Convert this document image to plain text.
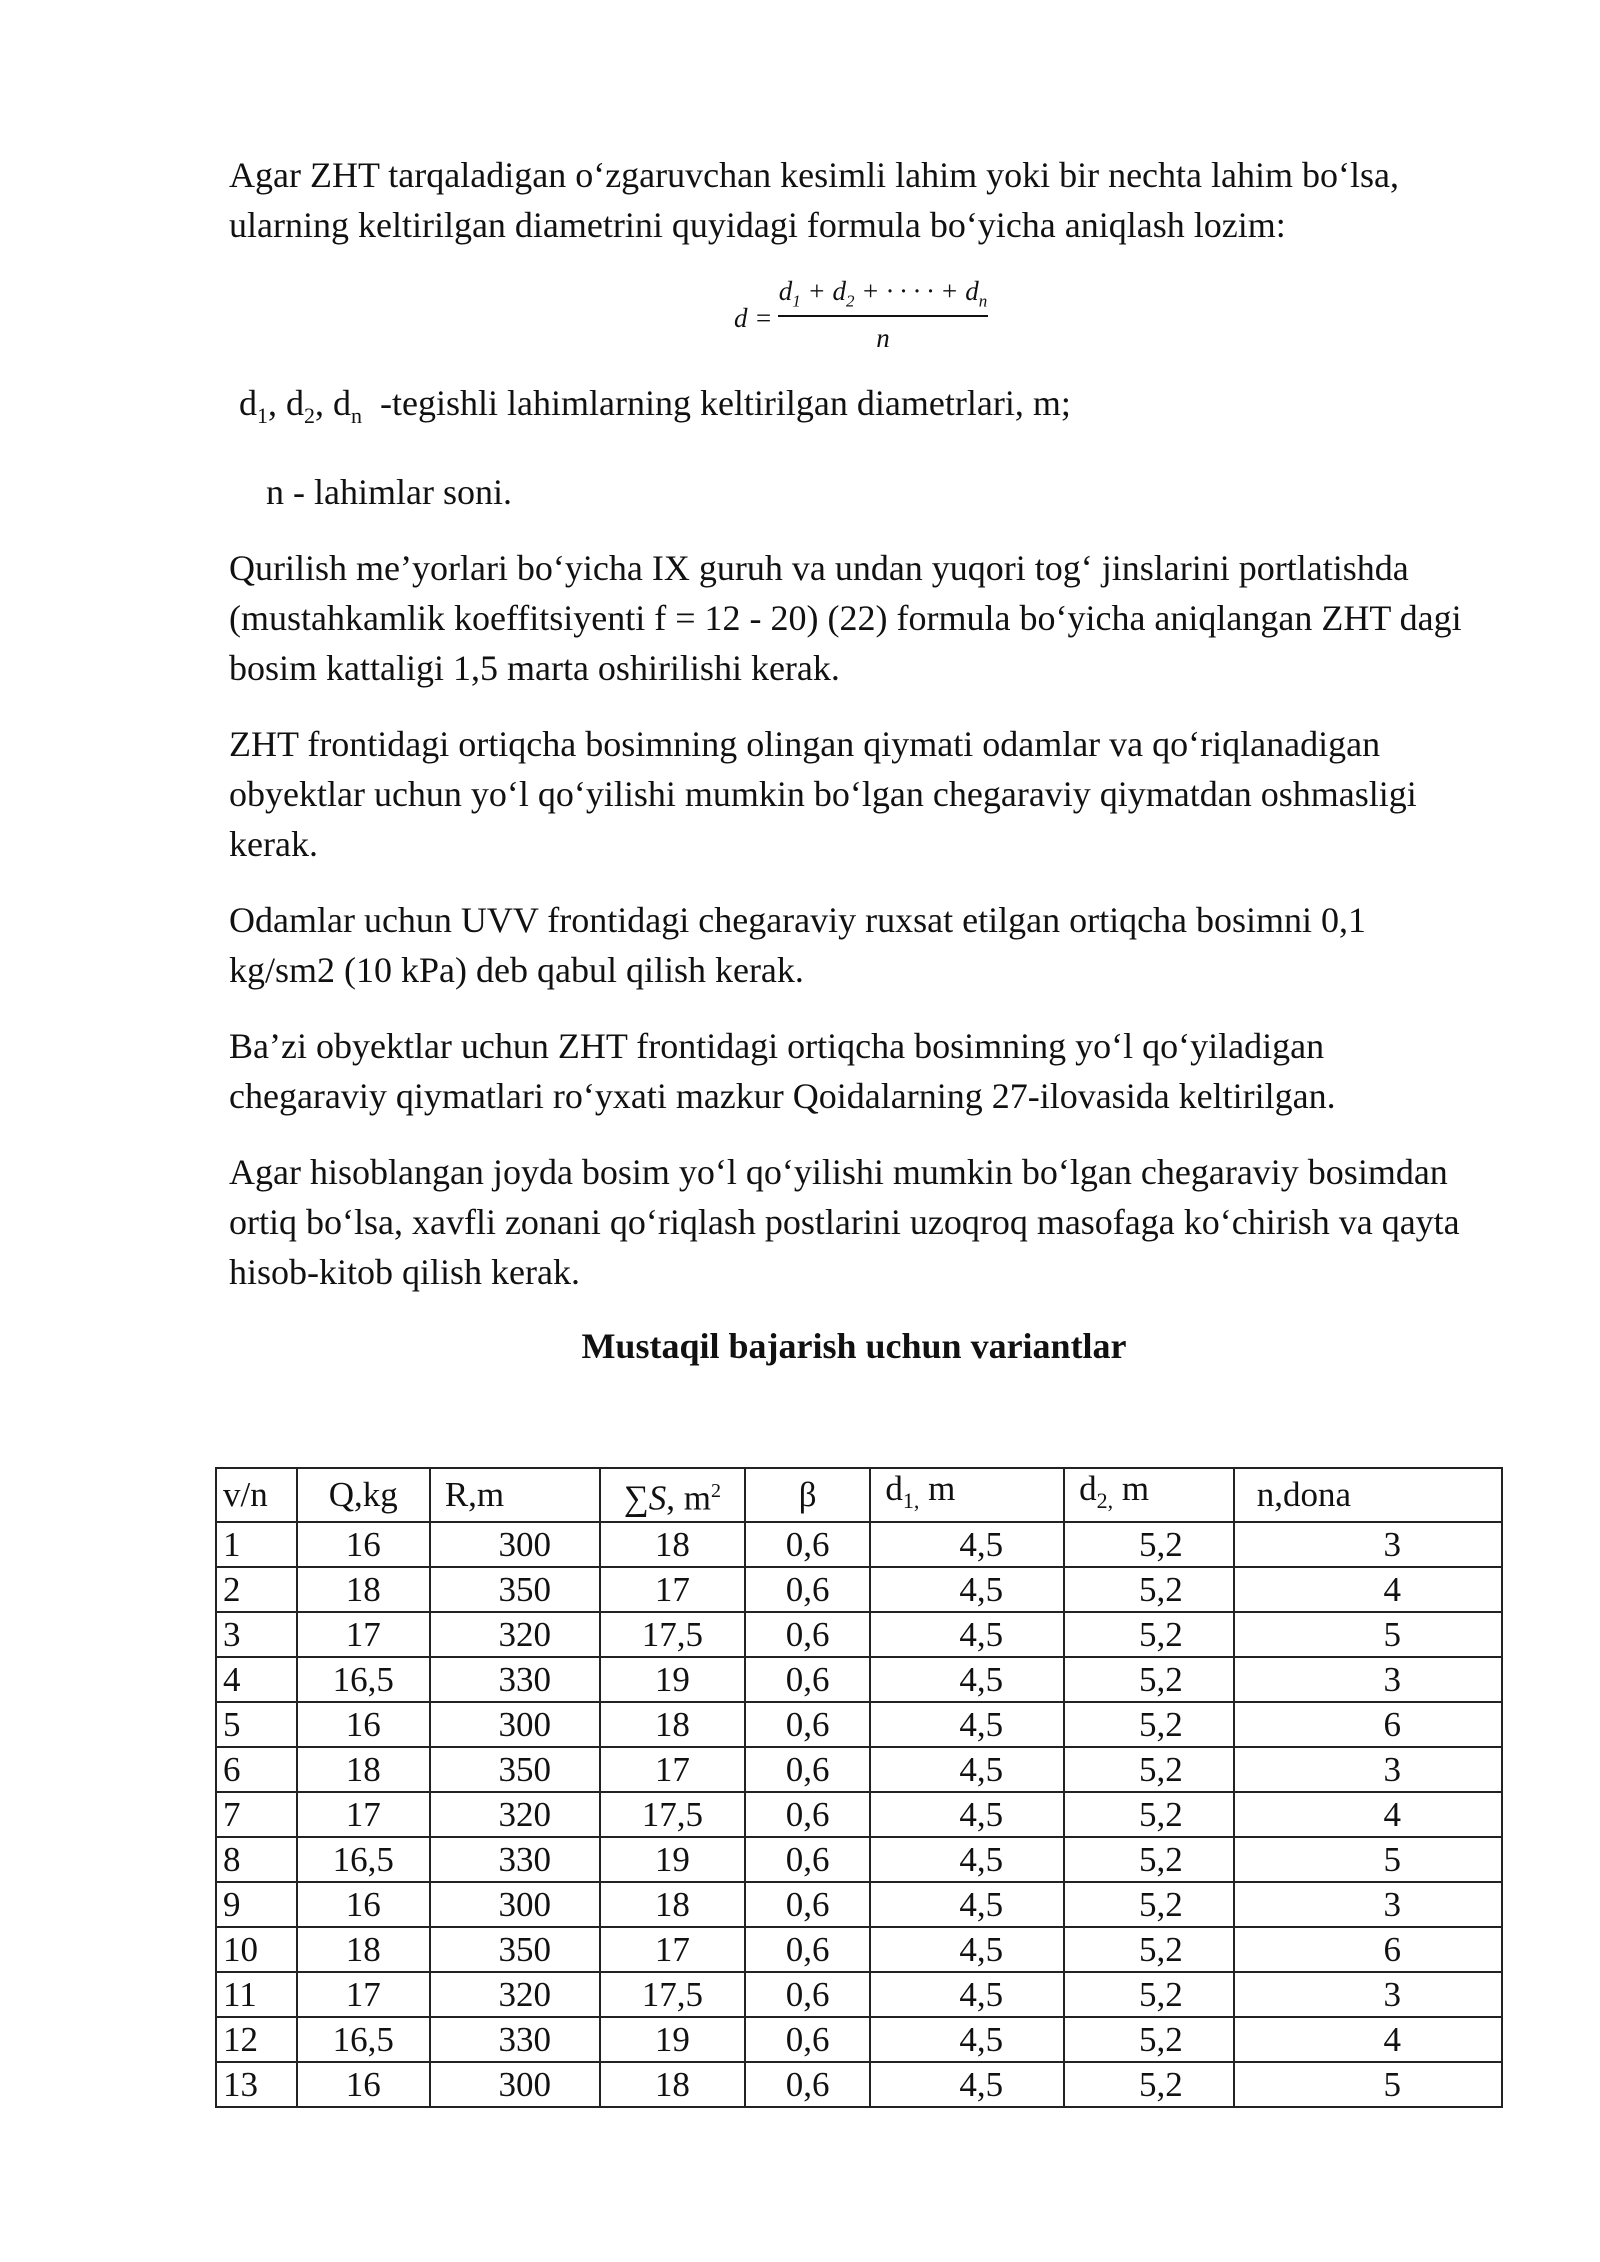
Agar ZHT tarqaladigan o‘zgaruvchan kesimli lahim yoki bir nechta lahim bo‘lsa, ularning keltirilgan diametrini quyidagi formula bo‘yicha aniqlash lozim:

$d = \frac{d_1 + d_2 + \cdot \cdot \cdot \cdot + d_n}{n}$

$d_1$, $d_2$, $d_n$ -tegishli lahimlarning keltirilgan diametrlari, m;

n - lahimlar soni.

Qurilish me’yorlari bo‘yicha IX guruh va undan yuqori tog‘ jinslarini portlatishda (mustahkamlik koeffitsiyenti f = 12 - 20) (22) formula bo‘yicha aniqlangan ZHT dagi bosim kattaligi 1,5 marta oshirilishi kerak.

ZHT frontidagi ortiqcha bosimning olingan qiymati odamlar va qo‘riqlanadigan obyektlar uchun yo‘l qo‘yilishi mumkin bo‘lgan chegaraviy qiymatdan oshmasligi kerak.

Odamlar uchun UVV frontidagi chegaraviy ruxsat etilgan ortiqcha bosimni 0,1 kg/sm2 (10 kPa) deb qabul qilish kerak.

Ba’zi obyektlar uchun ZHT frontidagi ortiqcha bosimning yo‘l qo‘yiladigan chegaraviy qiymatlari ro‘yxati mazkur Qoidalarning 27-ilovasida keltirilgan.

Agar hisoblangan joyda bosim yo‘l qo‘yilishi mumkin bo‘lgan chegaraviy bosimdan ortiq bo‘lsa, xavfli zonani qo‘riqlash postlarini uzoqroq masofaga ko‘chirish va qayta hisob-kitob qilish kerak.

Mustaqil bajarish uchun variantlar
v/n	Q,kg	R,m	∑S, $m^2$	β	$d_{1,}$ m	$d_{2,}$ m	n,dona
1	16	300	18	0,6	4,5	5,2	3
2	18	350	17	0,6	4,5	5,2	4
3	17	320	17,5	0,6	4,5	5,2	5
4	16,5	330	19	0,6	4,5	5,2	3
5	16	300	18	0,6	4,5	5,2	6
6	18	350	17	0,6	4,5	5,2	3
7	17	320	17,5	0,6	4,5	5,2	4
8	16,5	330	19	0,6	4,5	5,2	5
9	16	300	18	0,6	4,5	5,2	3
10	18	350	17	0,6	4,5	5,2	6
11	17	320	17,5	0,6	4,5	5,2	3
12	16,5	330	19	0,6	4,5	5,2	4
13	16	300	18	0,6	4,5	5,2	5
